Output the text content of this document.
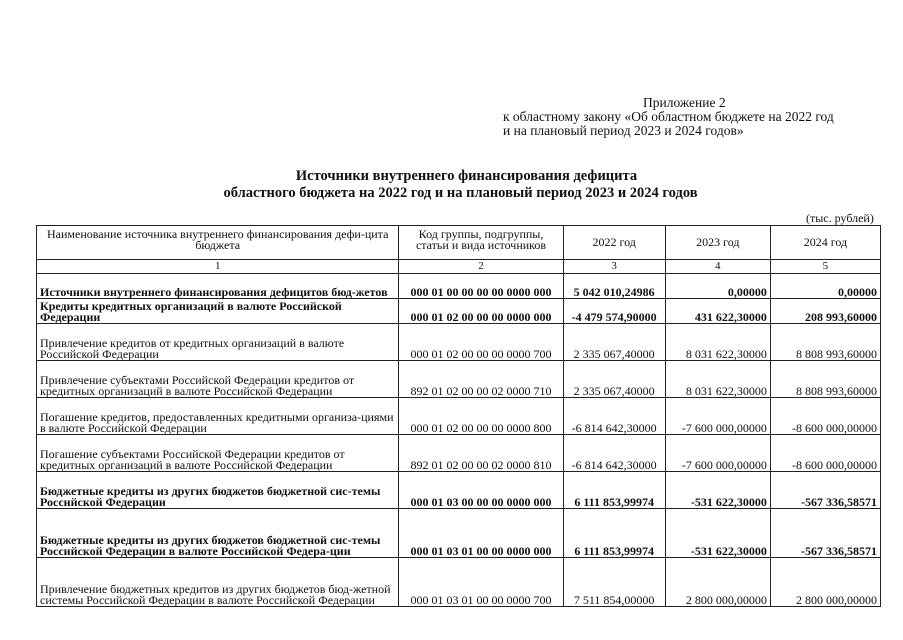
Приложение 2
к областному закону «Об областном бюджете на 2022 год
и на плановый период 2023 и 2024 годов»
Источники внутреннего финансирования дефицита
областного бюджета на 2022 год и на плановый период 2023 и 2024 годов
(тыс. рублей)
Наименование источника внутреннего финансирования дефи-цита бюджета	Код группы, подгруппы, статьи и вида источников	2022 год	2023 год	2024 год
1	2	3	4	5
Источники внутреннего финансирования дефицитов бюд-жетов	000 01 00 00 00 00 0000 000	5 042 010,24986	0,00000	0,00000
Кредиты кредитных организаций в валюте Российской Федерации	000 01 02 00 00 00 0000 000	-4 479 574,90000	431 622,30000	208 993,60000
Привлечение кредитов от кредитных организаций в валюте Российской Федерации	000 01 02 00 00 00 0000 700	2 335 067,40000	8 031 622,30000	8 808 993,60000
Привлечение субъектами Российской Федерации кредитов от кредитных организаций в валюте Российской Федерации	892 01 02 00 00 02 0000 710	2 335 067,40000	8 031 622,30000	8 808 993,60000
Погашение кредитов, предоставленных кредитными организа-циями в валюте Российской Федерации	000 01 02 00 00 00 0000 800	-6 814 642,30000	-7 600 000,00000	-8 600 000,00000
Погашение субъектами Российской Федерации кредитов от кредитных организаций в валюте Российской Федерации	892 01 02 00 00 02 0000 810	-6 814 642,30000	-7 600 000,00000	-8 600 000,00000
Бюджетные кредиты из других бюджетов бюджетной сис-темы Российской Федерации	000 01 03 00 00 00 0000 000	6 111 853,99974	-531 622,30000	-567 336,58571
Бюджетные кредиты из других бюджетов бюджетной сис-темы Российской Федерации в валюте Российской Федера-ции	000 01 03 01 00 00 0000 000	6 111 853,99974	-531 622,30000	-567 336,58571
Привлечение бюджетных кредитов из других бюджетов бюд-жетной системы Российской Федерации в валюте Российской Федерации	000 01 03 01 00 00 0000 700	7 511 854,00000	2 800 000,00000	2 800 000,00000
